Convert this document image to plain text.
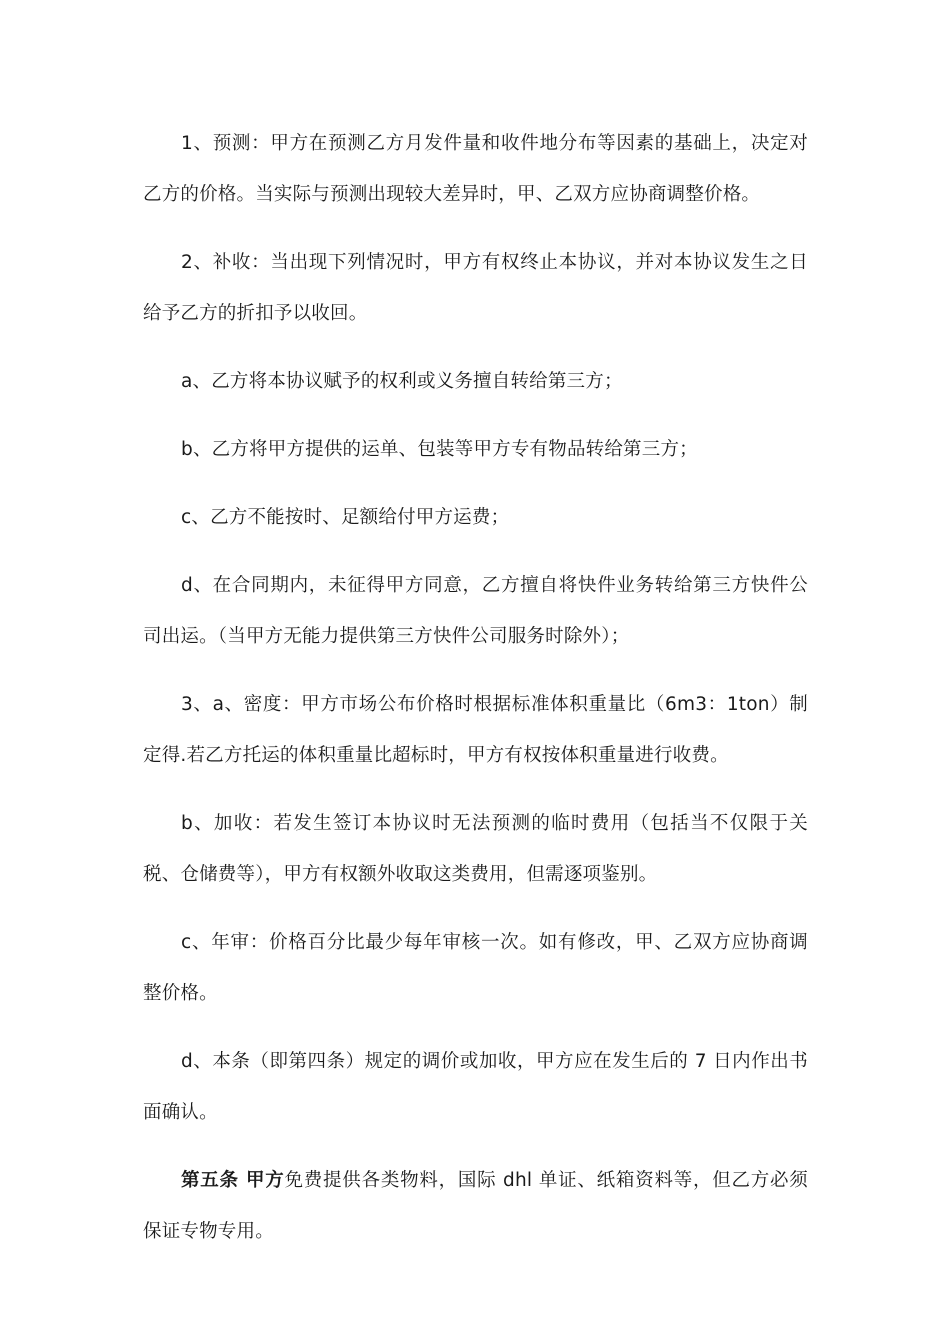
1、预测：甲方在预测乙方月发件量和收件地分布等因素的基础上，决定对乙方的价格。当实际与预测出现较大差异时，甲、乙双方应协商调整价格。

2、补收：当出现下列情况时，甲方有权终止本协议，并对本协议发生之日给予乙方的折扣予以收回。

a、乙方将本协议赋予的权利或义务擅自转给第三方；

b、乙方将甲方提供的运单、包装等甲方专有物品转给第三方；

c、乙方不能按时、足额给付甲方运费；

d、在合同期内，未征得甲方同意，乙方擅自将快件业务转给第三方快件公司出运。（当甲方无能力提供第三方快件公司服务时除外）；

3、a、密度：甲方市场公布价格时根据标准体积重量比（6m3：1ton）制定得.若乙方托运的体积重量比超标时，甲方有权按体积重量进行收费。

b、加收：若发生签订本协议时无法预测的临时费用（包括当不仅限于关税、仓储费等），甲方有权额外收取这类费用，但需逐项鉴别。

c、年审：价格百分比最少每年审核一次。如有修改，甲、乙双方应协商调整价格。

d、本条（即第四条）规定的调价或加收，甲方应在发生后的 7 日内作出书面确认。

第五条 甲方免费提供各类物料，国际 dhl 单证、纸箱资料等，但乙方必须保证专物专用。
